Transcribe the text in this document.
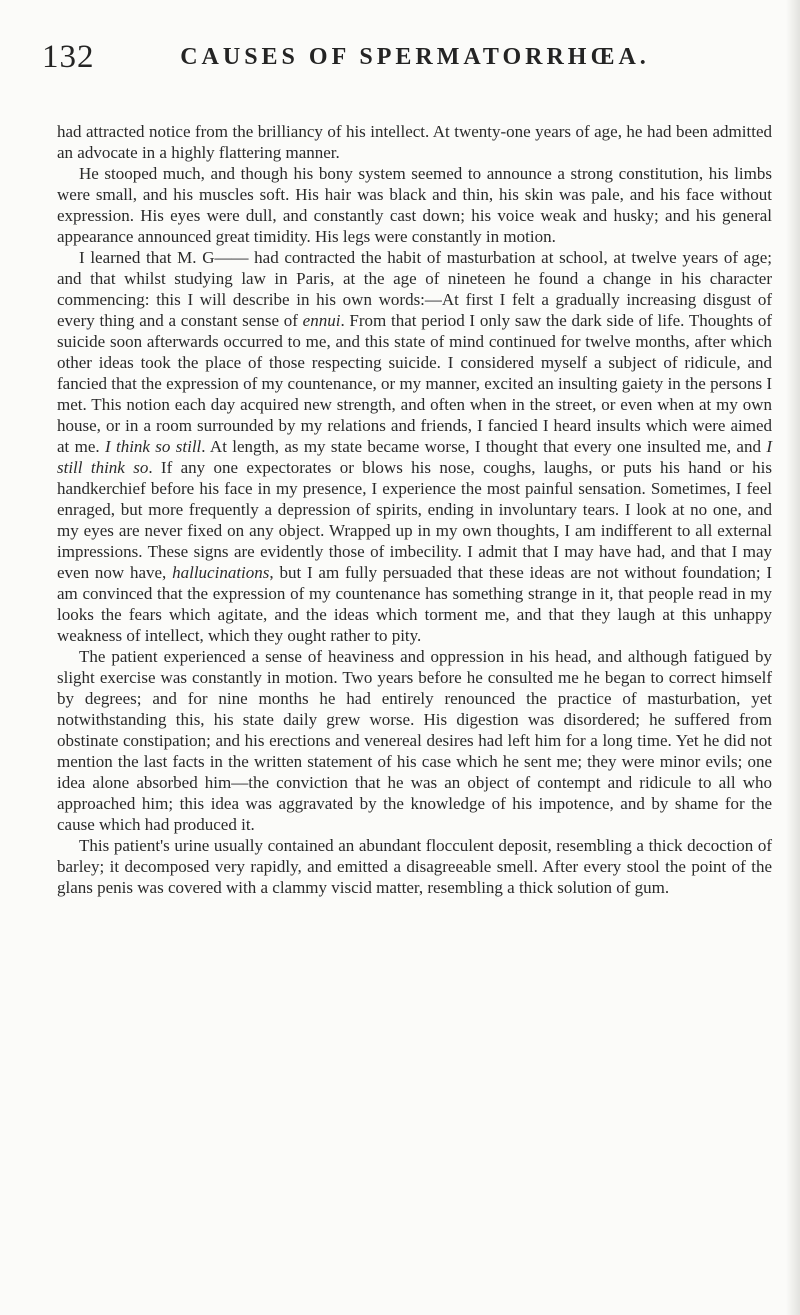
132	CAUSES OF SPERMATORRHŒA.

had attracted notice from the brilliancy of his intellect. At twenty-one years of age, he had been admitted an advocate in a highly flattering manner.

He stooped much, and though his bony system seemed to announce a strong constitution, his limbs were small, and his muscles soft. His hair was black and thin, his skin was pale, and his face without expression. His eyes were dull, and constantly cast down; his voice weak and husky; and his general appearance announced great timidity. His legs were constantly in motion.

I learned that M. G—— had contracted the habit of masturbation at school, at twelve years of age; and that whilst studying law in Paris, at the age of nineteen he found a change in his character commencing: this I will describe in his own words:—At first I felt a gradually increasing disgust of every thing and a constant sense of ennui. From that period I only saw the dark side of life. Thoughts of suicide soon afterwards occurred to me, and this state of mind continued for twelve months, after which other ideas took the place of those respecting suicide. I considered myself a subject of ridicule, and fancied that the expression of my countenance, or my manner, excited an insulting gaiety in the persons I met. This notion each day acquired new strength, and often when in the street, or even when at my own house, or in a room surrounded by my relations and friends, I fancied I heard insults which were aimed at me. I think so still. At length, as my state became worse, I thought that every one insulted me, and I still think so. If any one expectorates or blows his nose, coughs, laughs, or puts his hand or his handkerchief before his face in my presence, I experience the most painful sensation. Sometimes, I feel enraged, but more frequently a depression of spirits, ending in involuntary tears. I look at no one, and my eyes are never fixed on any object. Wrapped up in my own thoughts, I am indifferent to all external impressions. These signs are evidently those of imbecility. I admit that I may have had, and that I may even now have, hallucinations, but I am fully persuaded that these ideas are not without foundation; I am convinced that the expression of my countenance has something strange in it, that people read in my looks the fears which agitate, and the ideas which torment me, and that they laugh at this unhappy weakness of intellect, which they ought rather to pity.

The patient experienced a sense of heaviness and oppression in his head, and although fatigued by slight exercise was constantly in motion. Two years before he consulted me he began to correct himself by degrees; and for nine months he had entirely renounced the practice of masturbation, yet notwithstanding this, his state daily grew worse. His digestion was disordered; he suffered from obstinate constipation; and his erections and venereal desires had left him for a long time. Yet he did not mention the last facts in the written statement of his case which he sent me; they were minor evils; one idea alone absorbed him—the conviction that he was an object of contempt and ridicule to all who approached him; this idea was aggravated by the knowledge of his impotence, and by shame for the cause which had produced it.

This patient's urine usually contained an abundant flocculent deposit, resembling a thick decoction of barley; it decomposed very rapidly, and emitted a disagreeable smell. After every stool the point of the glans penis was covered with a clammy viscid matter, resembling a thick solution of gum.
